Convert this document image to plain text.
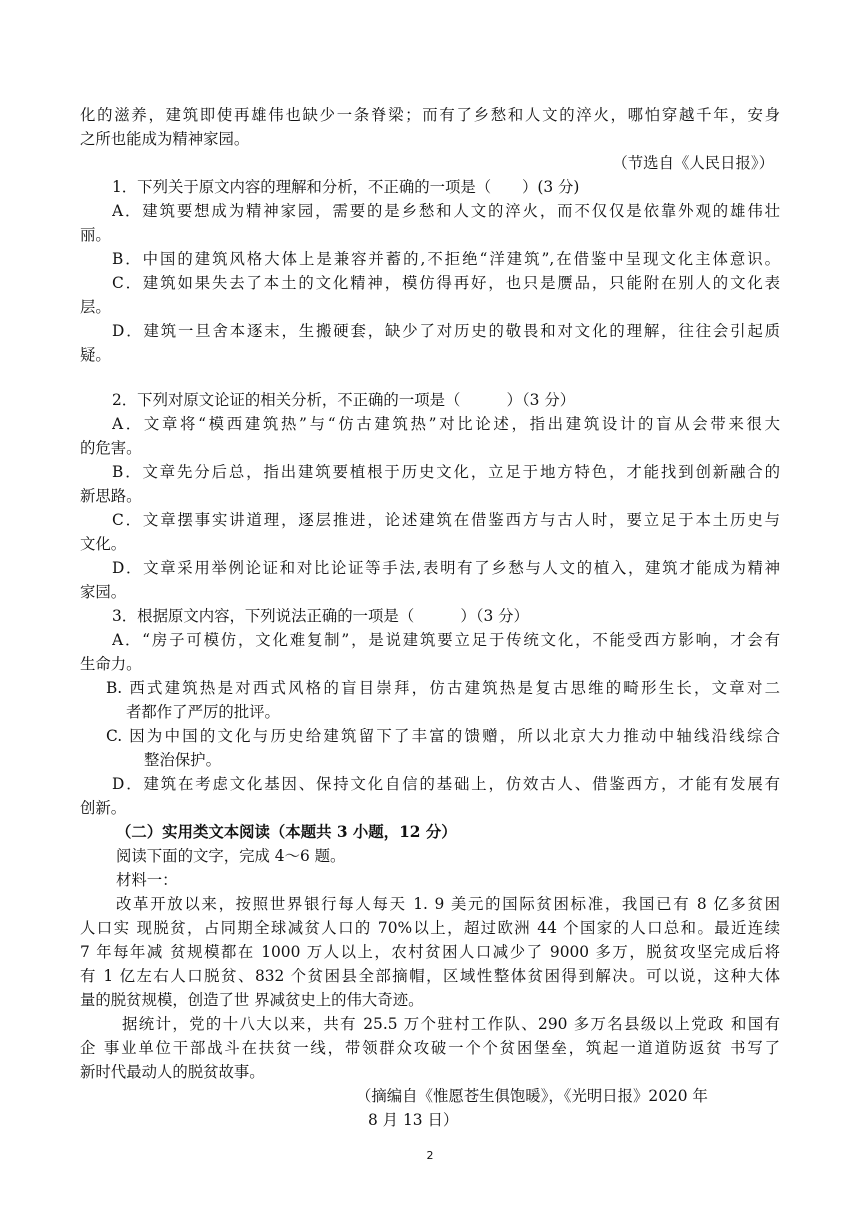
化的滋养，建筑即使再雄伟也缺少一条脊梁；而有了乡愁和人文的淬火，哪怕穿越千年，安身
之所也能成为精神家园。
（节选自《人民日报》）
1．下列关于原文内容的理解和分析，不正确的一项是（　　）(3 分)
A．建筑要想成为精神家园，需要的是乡愁和人文的淬火，而不仅仅是依靠外观的雄伟壮
丽。
B．中国的建筑风格大体上是兼容并蓄的,不拒绝“洋建筑”,在借鉴中呈现文化主体意识。
C．建筑如果失去了本土的文化精神，模仿得再好，也只是赝品，只能附在别人的文化表
层。
D．建筑一旦舍本逐末，生搬硬套，缺少了对历史的敬畏和对文化的理解，往往会引起质
疑。
2．下列对原文论证的相关分析，不正确的一项是（　　　）（3 分）
A．文章将“模西建筑热”与“仿古建筑热”对比论述，指出建筑设计的盲从会带来很大
的危害。
B．文章先分后总，指出建筑要植根于历史文化，立足于地方特色，才能找到创新融合的
新思路。
C．文章摆事实讲道理，逐层推进，论述建筑在借鉴西方与古人时，要立足于本土历史与
文化。
D．文章采用举例论证和对比论证等手法,表明有了乡愁与人文的植入，建筑才能成为精神
家园。
3．根据原文内容，下列说法正确的一项是（　　　）（3 分）
A．“房子可模仿，文化难复制”，是说建筑要立足于传统文化，不能受西方影响，才会有
生命力。
B. 西式建筑热是对西式风格的盲目崇拜，仿古建筑热是复古思维的畸形生长，文章对二
者都作了严厉的批评。
C. 因为中国的文化与历史给建筑留下了丰富的馈赠，所以北京大力推动中轴线沿线综合
整治保护。
D．建筑在考虑文化基因、保持文化自信的基础上，仿效古人、借鉴西方，才能有发展有
创新。
（二）实用类文本阅读（本题共 3 小题，12 分）
阅读下面的文字，完成 4～6 题。
材料一：
改革开放以来，按照世界银行每人每天 1. 9 美元的国际贫困标准，我国已有 8 亿多贫困
人口实 现脱贫，占同期全球减贫人口的 70%以上，超过欧洲 44 个国家的人口总和。最近连续
7 年每年减 贫规模都在 1000 万人以上，农村贫困人口减少了 9000 多万，脱贫攻坚完成后将
有 1 亿左右人口脱贫、832 个贫困县全部摘帽，区域性整体贫困得到解决。可以说，这种大体
量的脱贫规模，创造了世 界减贫史上的伟大奇迹。
据统计，党的十八大以来，共有 25.5 万个驻村工作队、290 多万名县级以上党政 和国有
企 事业单位干部战斗在扶贫一线，带领群众攻破一个个贫困堡垒，筑起一道道防返贫 书写了
新时代最动人的脱贫故事。
（摘编自《惟愿苍生俱饱暖》，《光明日报》2020 年
8 月 13 日）
2
